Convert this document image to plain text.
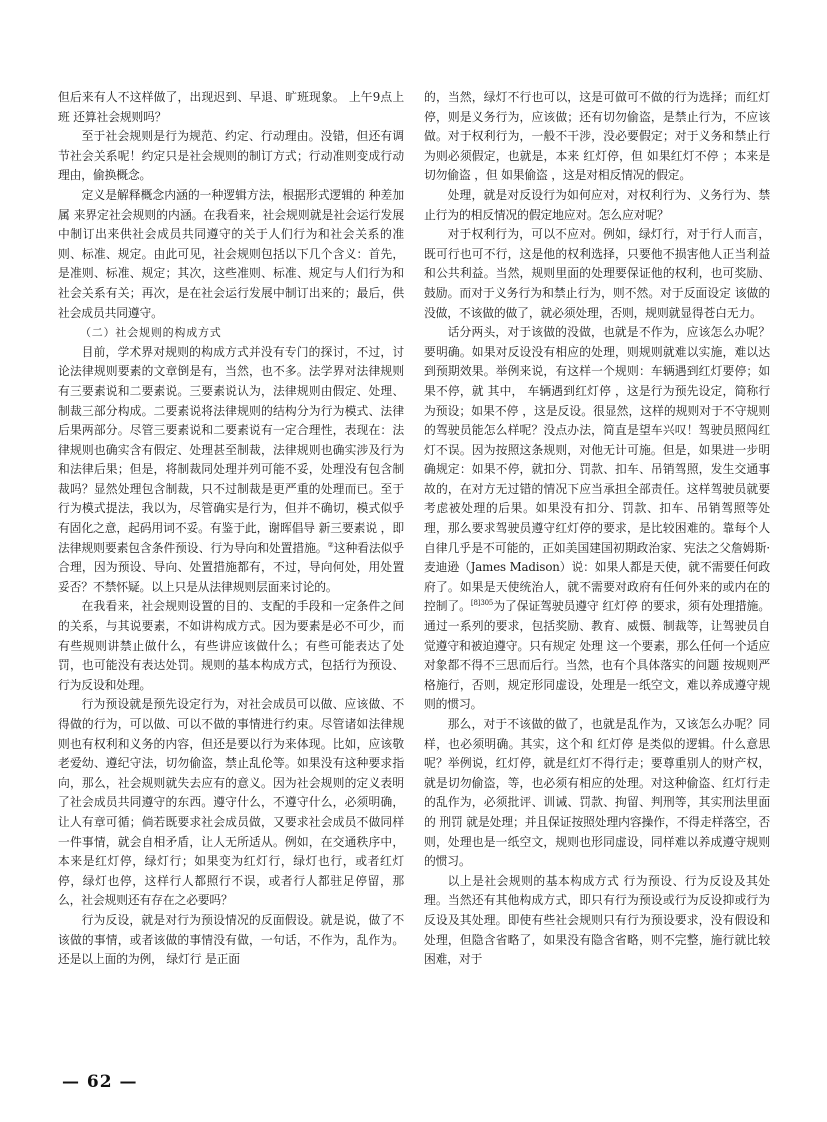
但后来有人不这样做了，出现迟到、早退、旷班现象。 上午9点上班 还算社会规则吗？

至于社会规则是行为规范、约定、行动理由。没错，但还有调节社会关系呢！约定只是社会规则的制订方式；行动准则变成行动理由，偷换概念。

定义是解释概念内涵的一种逻辑方法，根据形式逻辑的 种差加属 来界定社会规则的内涵。在我看来，社会规则就是社会运行发展中制订出来供社会成员共同遵守的关于人们行为和社会关系的准则、标准、规定。由此可见，社会规则包括以下几个含义：首先，是准则、标准、规定；其次，这些准则、标准、规定与人们行为和社会关系有关；再次，是在社会运行发展中制订出来的；最后，供社会成员共同遵守。

（二）社会规则的构成方式

目前，学术界对规则的构成方式并没有专门的探讨，不过，讨论法律规则要素的文章倒是有，当然，也不多。法学界对法律规则有三要素说和二要素说。三要素说认为，法律规则由假定、处理、制裁三部分构成。二要素说将法律规则的结构分为行为模式、法律后果两部分。尽管三要素说和二要素说有一定合理性，表现在：法律规则也确实含有假定、处理甚至制裁，法律规则也确实涉及行为和法律后果；但是，将制裁同处理并列可能不妥，处理没有包含制裁吗？显然处理包含制裁，只不过制裁是更严重的处理而已。至于行为模式提法，我以为，尽管确实是行为，但并不确切，模式似乎有固化之意，起码用词不妥。有鉴于此，谢晖倡导 新三要素说 ，即法律规则要素包含条件预设、行为导向和处置措施。②这种看法似乎合理，因为预设、导向、处置措施都有，不过，导向何处，用处置妥否？不禁怀疑。以上只是从法律规则层面来讨论的。

在我看来，社会规则设置的目的、支配的手段和一定条件之间的关系，与其说要素，不如讲构成方式。因为要素是必不可少，而有些规则讲禁止做什么，有些讲应该做什么；有些可能表达了处罚，也可能没有表达处罚。规则的基本构成方式，包括行为预设、行为反设和处理。

行为预设就是预先设定行为，对社会成员可以做、应该做、不得做的行为，可以做、可以不做的事情进行约束。尽管诸如法律规则也有权利和义务的内容，但还是要以行为来体现。比如，应该敬老爱幼、遵纪守法，切勿偷盗，禁止乱伦等。如果没有这种要求指向，那么，社会规则就失去应有的意义。因为社会规则的定义表明了社会成员共同遵守的东西。遵守什么，不遵守什么，必须明确，让人有章可循；倘若既要求社会成员做，又要求社会成员不做同样一件事情，就会自相矛盾，让人无所适从。例如，在交通秩序中，本来是红灯停，绿灯行；如果变为红灯行，绿灯也行，或者红灯停，绿灯也停，这样行人都照行不误，或者行人都驻足停留，那么，社会规则还有存在之必要吗？

行为反设，就是对行为预设情况的反面假设。就是说，做了不该做的事情，或者该做的事情没有做，一句话，不作为，乱作为。还是以上面的为例， 绿灯行 是正面

的，当然，绿灯不行也可以，这是可做可不做的行为选择；而红灯停，则是义务行为，应该做；还有切勿偷盗，是禁止行为，不应该做。对于权利行为，一般不干涉，没必要假定；对于义务和禁止行为则必须假定，也就是，本来 红灯停，但 如果红灯不停 ；本来是 切勿偷盗 ，但 如果偷盗 ，这是对相反情况的假定。

处理，就是对反设行为如何应对，对权利行为、义务行为、禁止行为的相反情况的假定地应对。怎么应对呢？

对于权利行为，可以不应对。例如，绿灯行，对于行人而言，既可行也可不行，这是他的权利选择，只要他不损害他人正当利益和公共利益。当然，规则里面的处理要保证他的权利，也可奖励、鼓励。而对于义务行为和禁止行为，则不然。对于反面设定 该做的没做，不该做的做了，就必须处理，否则，规则就显得苍白无力。

话分两头，对于该做的没做，也就是不作为，应该怎么办呢？要明确。如果对反设没有相应的处理，则规则就难以实施，难以达到预期效果。举例来说，有这样一个规则：车辆遇到红灯要停；如果不停，就 其中， 车辆遇到红灯停 ，这是行为预先设定，简称行为预设；如果不停 ，这是反设。很显然，这样的规则对于不守规则的驾驶员能怎么样呢？没点办法，简直是望车兴叹！驾驶员照闯红灯不误。因为按照这条规则，对他无计可施。但是，如果进一步明确规定：如果不停，就扣分、罚款、扣车、吊销驾照，发生交通事故的，在对方无过错的情况下应当承担全部责任。这样驾驶员就要考虑被处理的后果。如果没有扣分、罚款、扣车、吊销驾照等处理，那么要求驾驶员遵守红灯停的要求，是比较困难的。靠每个人自律几乎是不可能的，正如美国建国初期政治家、宪法之父詹姆斯·麦迪逊（James Madison）说：如果人都是天使，就不需要任何政府了。如果是天使统治人，就不需要对政府有任何外来的或内在的控制了。$^{[8]305}$为了保证驾驶员遵守 红灯停 的要求，须有处理措施。通过一系列的要求，包括奖励、教育、威慑、制裁等，让驾驶员自觉遵守和被迫遵守。只有规定 处理 这一个要素，那么任何一个适应对象都不得不三思而后行。当然，也有个具体落实的问题 按规则严格施行，否则，规定形同虚设，处理是一纸空文，难以养成遵守规则的惯习。

那么，对于不该做的做了，也就是乱作为，又该怎么办呢？同样，也必须明确。其实，这个和 红灯停 是类似的逻辑。什么意思呢？举例说，红灯停，就是红灯不得行走；要尊重别人的财产权，就是切勿偷盗，等，也必须有相应的处理。对这种偷盗、红灯行走的乱作为，必须批评、训诫、罚款、拘留、判刑等，其实刑法里面的 刑罚 就是处理；并且保证按照处理内容操作，不得走样落空，否则，处理也是一纸空文，规则也形同虚设，同样难以养成遵守规则的惯习。

以上是社会规则的基本构成方式 行为预设、行为反设及其处理。当然还有其他构成方式，即只有行为预设或行为反设抑或行为反设及其处理。即使有些社会规则只有行为预设要求，没有假设和处理，但隐含省略了，如果没有隐含省略，则不完整，施行就比较困难，对于

— 62 —
